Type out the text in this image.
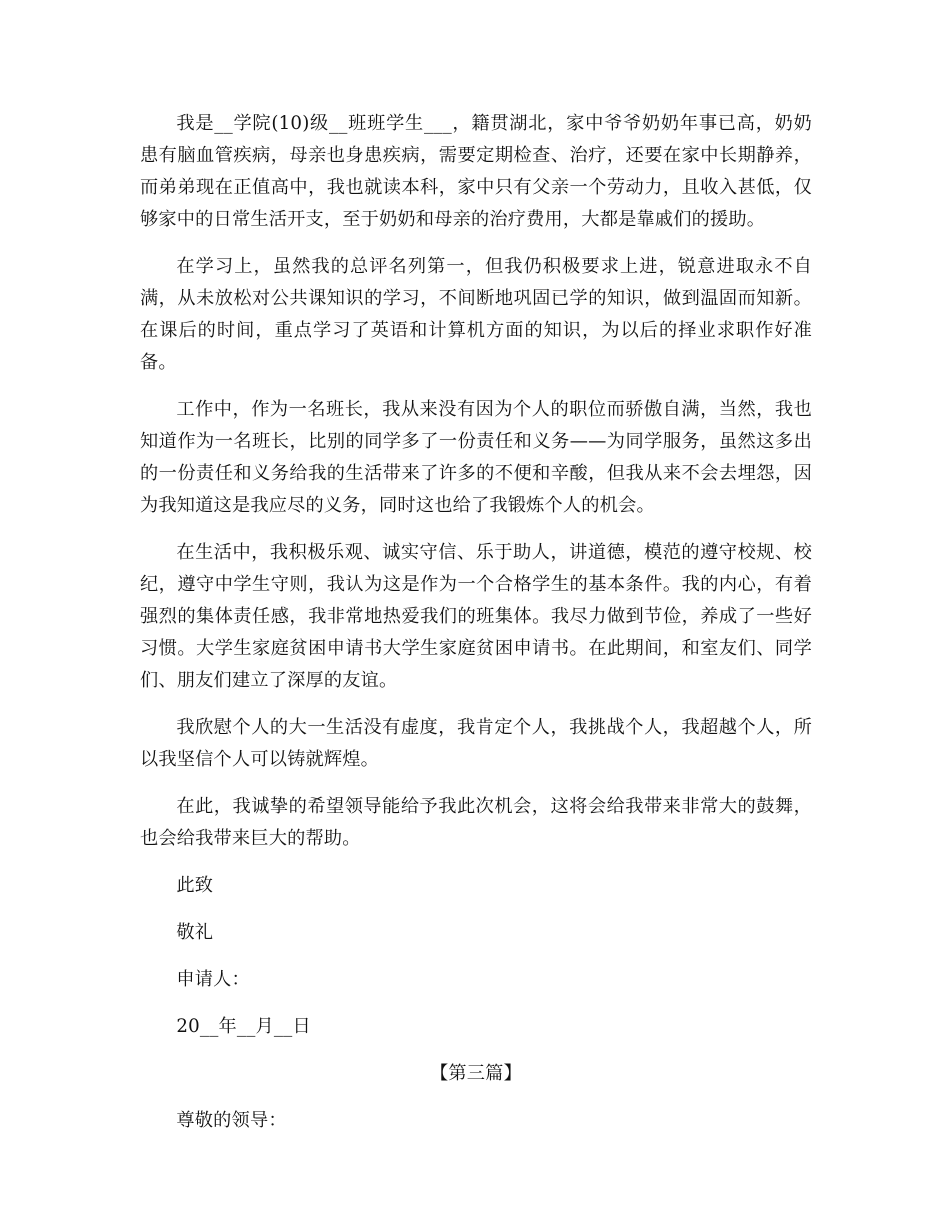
我是__学院(10)级__班班学生___，籍贯湖北，家中爷爷奶奶年事已高，奶奶患有脑血管疾病，母亲也身患疾病，需要定期检查、治疗，还要在家中长期静养，而弟弟现在正值高中，我也就读本科，家中只有父亲一个劳动力，且收入甚低，仅够家中的日常生活开支，至于奶奶和母亲的治疗费用，大都是靠戚们的援助。

在学习上，虽然我的总评名列第一，但我仍积极要求上进，锐意进取永不自满，从未放松对公共课知识的学习，不间断地巩固已学的知识，做到温固而知新。在课后的时间，重点学习了英语和计算机方面的知识，为以后的择业求职作好准备。

工作中，作为一名班长，我从来没有因为个人的职位而骄傲自满，当然，我也知道作为一名班长，比别的同学多了一份责任和义务——为同学服务，虽然这多出的一份责任和义务给我的生活带来了许多的不便和辛酸，但我从来不会去埋怨，因为我知道这是我应尽的义务，同时这也给了我锻炼个人的机会。

在生活中，我积极乐观、诚实守信、乐于助人，讲道德，模范的遵守校规、校纪，遵守中学生守则，我认为这是作为一个合格学生的基本条件。我的内心，有着强烈的集体责任感，我非常地热爱我们的班集体。我尽力做到节俭，养成了一些好习惯。大学生家庭贫困申请书大学生家庭贫困申请书。在此期间，和室友们、同学们、朋友们建立了深厚的友谊。

我欣慰个人的大一生活没有虚度，我肯定个人，我挑战个人，我超越个人，所以我坚信个人可以铸就辉煌。

在此，我诚挚的希望领导能给予我此次机会，这将会给我带来非常大的鼓舞，也会给我带来巨大的帮助。

此致

敬礼

申请人：

20__年__月__日

【第三篇】

尊敬的领导：
